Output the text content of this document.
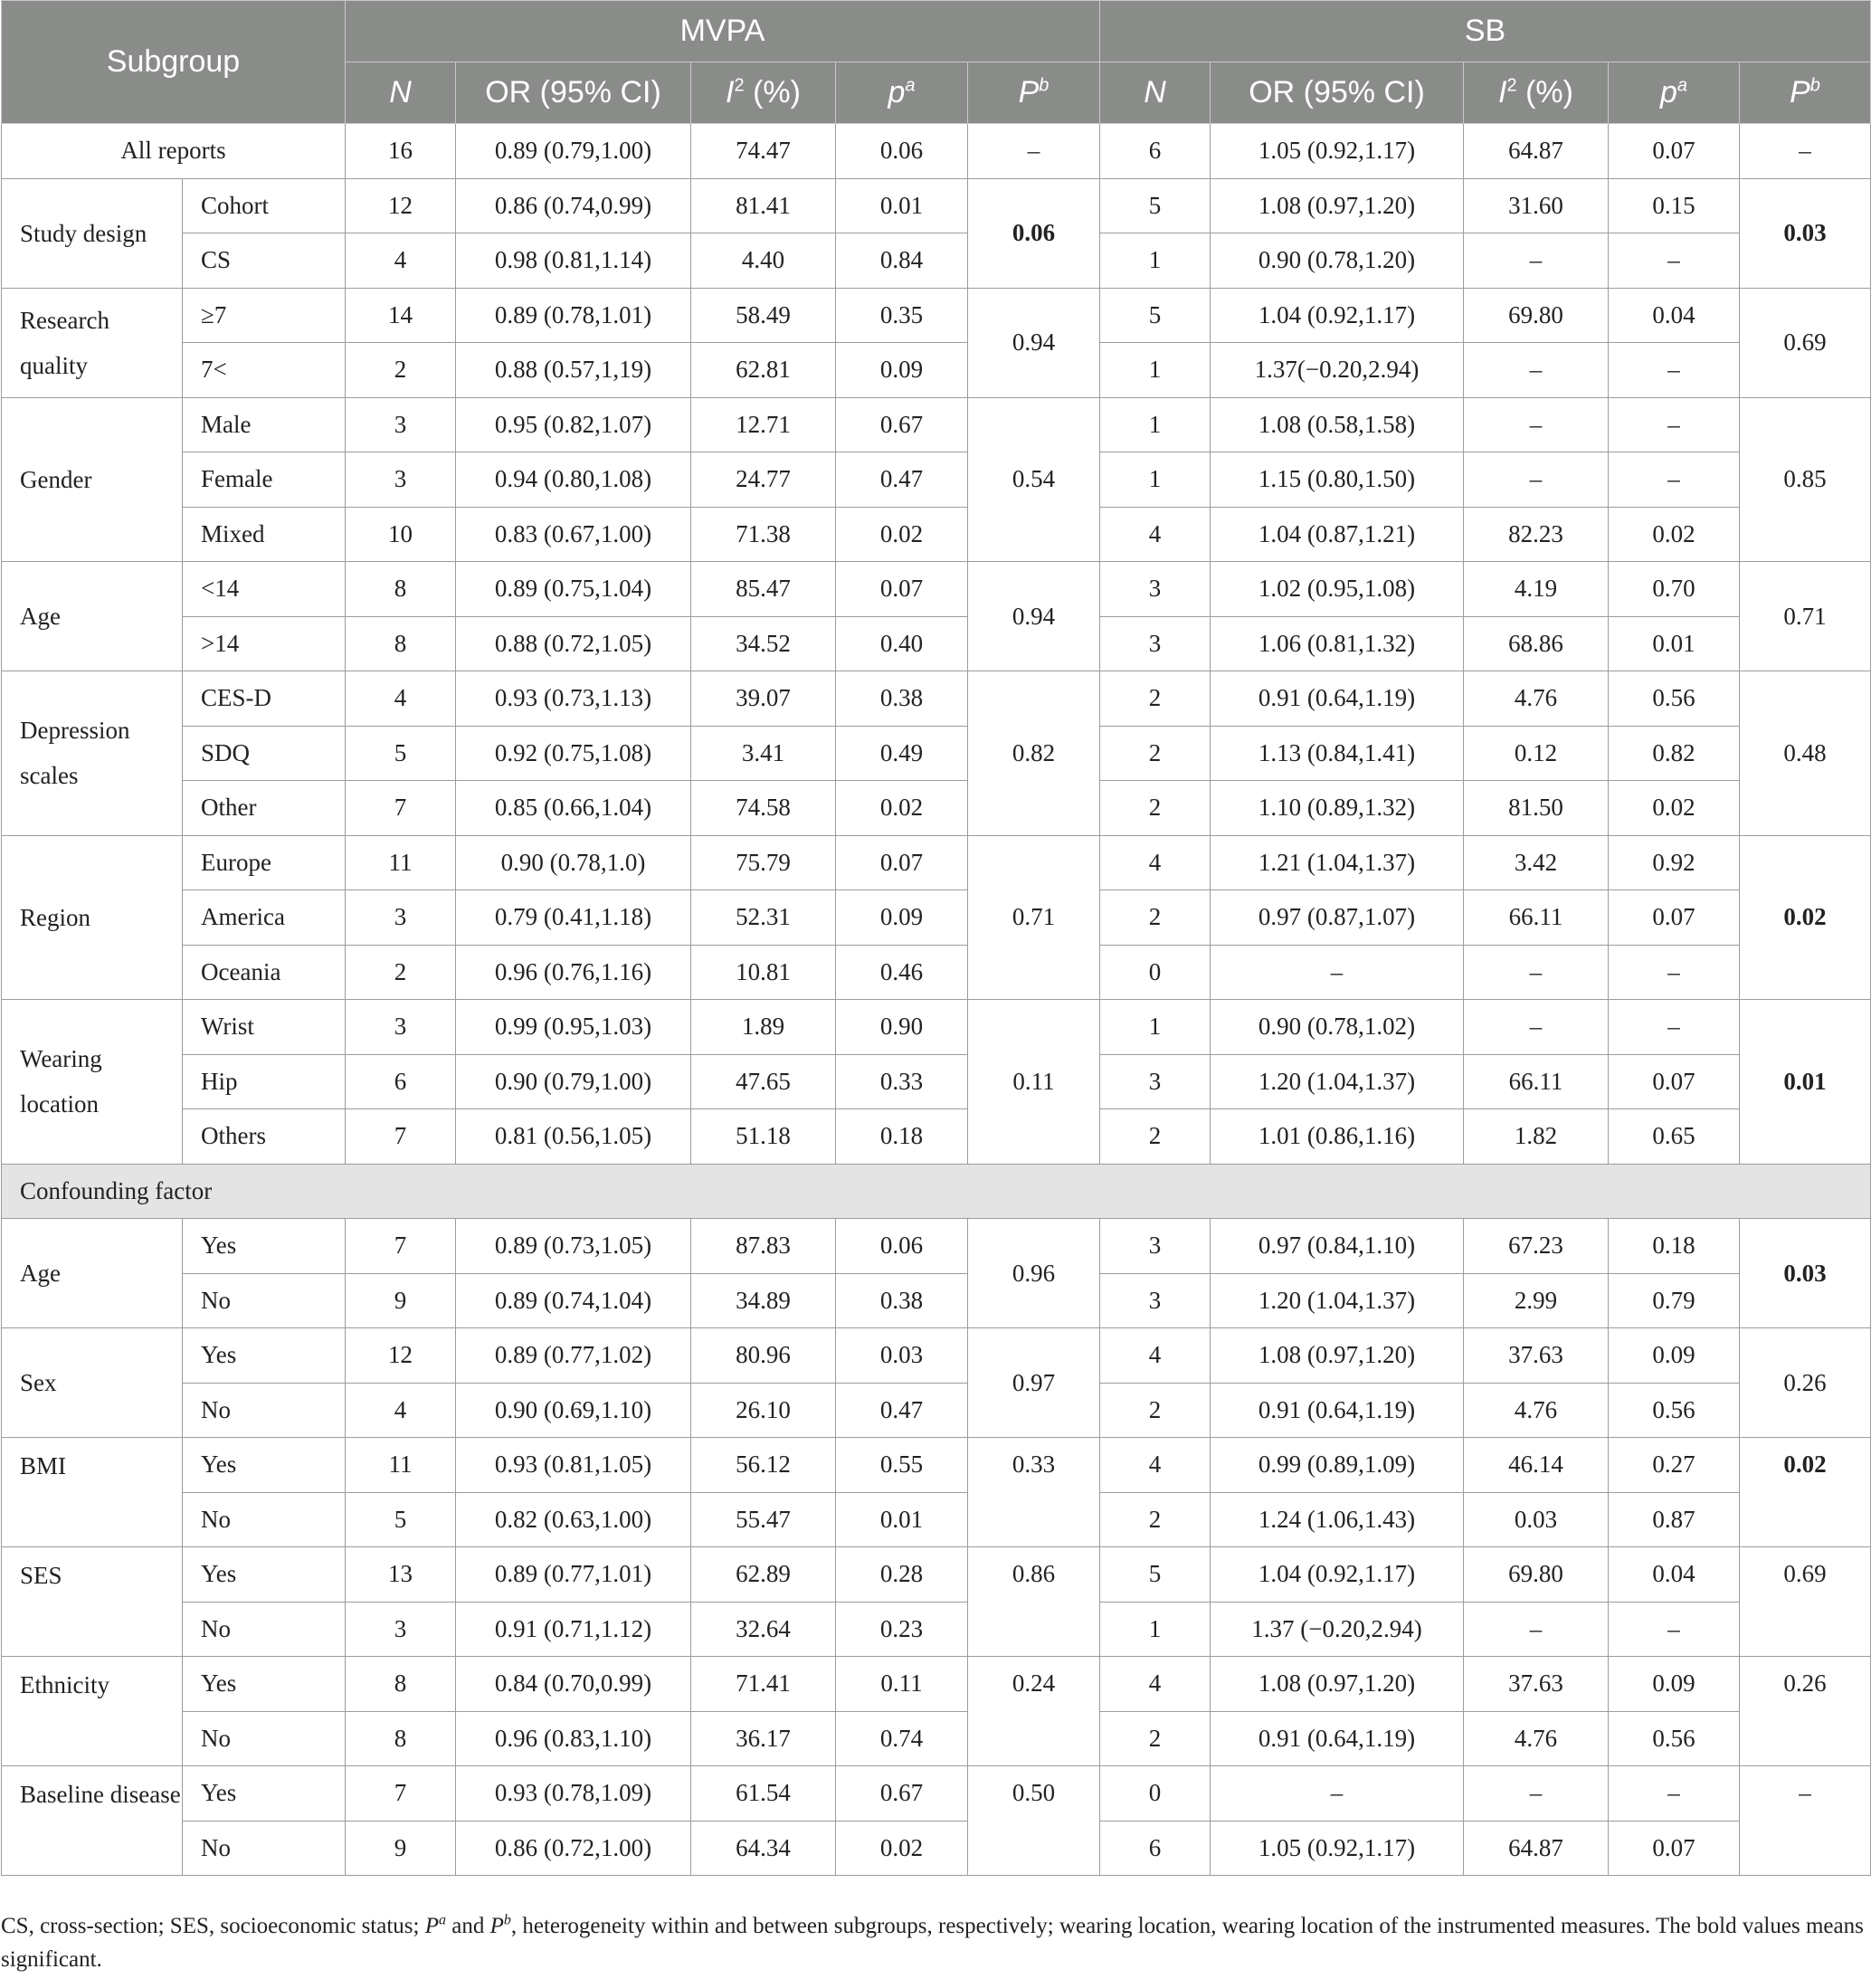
Subgroup		MVPA					SB				
		N	OR (95% CI)	$I^2$ (%)	$p^a$	$P^b$	N	OR (95% CI)	$I^2$ (%)	$p^a$	$P^b$
All reports		16	0.89 (0.79,1.00)	74.47	0.06	–	6	1.05 (0.92,1.17)	64.87	0.07	–
Study design	Cohort	12	0.86 (0.74,0.99)	81.41	0.01	0.06	5	1.08 (0.97,1.20)	31.60	0.15	0.03
	CS	4	0.98 (0.81,1.14)	4.40	0.84		1	0.90 (0.78,1.20)	–	–	
Research quality	≥7	14	0.89 (0.78,1.01)	58.49	0.35	0.94	5	1.04 (0.92,1.17)	69.80	0.04	0.69
	7<	2	0.88 (0.57,1,19)	62.81	0.09		1	1.37(−0.20,2.94)	–	–	
Gender	Male	3	0.95 (0.82,1.07)	12.71	0.67	0.54	1	1.08 (0.58,1.58)	–	–	0.85
	Female	3	0.94 (0.80,1.08)	24.77	0.47		1	1.15 (0.80,1.50)	–	–	
	Mixed	10	0.83 (0.67,1.00)	71.38	0.02		4	1.04 (0.87,1.21)	82.23	0.02	
Age	<14	8	0.89 (0.75,1.04)	85.47	0.07	0.94	3	1.02 (0.95,1.08)	4.19	0.70	0.71
	>14	8	0.88 (0.72,1.05)	34.52	0.40		3	1.06 (0.81,1.32)	68.86	0.01	
Depression scales	CES-D	4	0.93 (0.73,1.13)	39.07	0.38	0.82	2	0.91 (0.64,1.19)	4.76	0.56	0.48
	SDQ	5	0.92 (0.75,1.08)	3.41	0.49		2	1.13 (0.84,1.41)	0.12	0.82	
	Other	7	0.85 (0.66,1.04)	74.58	0.02		2	1.10 (0.89,1.32)	81.50	0.02	
Region	Europe	11	0.90 (0.78,1.0)	75.79	0.07	0.71	4	1.21 (1.04,1.37)	3.42	0.92	0.02
	America	3	0.79 (0.41,1.18)	52.31	0.09		2	0.97 (0.87,1.07)	66.11	0.07	
	Oceania	2	0.96 (0.76,1.16)	10.81	0.46		0	–	–	–	
Wearing location	Wrist	3	0.99 (0.95,1.03)	1.89	0.90	0.11	1	0.90 (0.78,1.02)	–	–	0.01
	Hip	6	0.90 (0.79,1.00)	47.65	0.33		3	1.20 (1.04,1.37)	66.11	0.07	
	Others	7	0.81 (0.56,1.05)	51.18	0.18		2	1.01 (0.86,1.16)	1.82	0.65	
Confounding factor											
Age	Yes	7	0.89 (0.73,1.05)	87.83	0.06	0.96	3	0.97 (0.84,1.10)	67.23	0.18	0.03
	No	9	0.89 (0.74,1.04)	34.89	0.38		3	1.20 (1.04,1.37)	2.99	0.79	
Sex	Yes	12	0.89 (0.77,1.02)	80.96	0.03	0.97	4	1.08 (0.97,1.20)	37.63	0.09	0.26
	No	4	0.90 (0.69,1.10)	26.10	0.47		2	0.91 (0.64,1.19)	4.76	0.56	
BMI	Yes	11	0.93 (0.81,1.05)	56.12	0.55	0.33	4	0.99 (0.89,1.09)	46.14	0.27	0.02
	No	5	0.82 (0.63,1.00)	55.47	0.01		2	1.24 (1.06,1.43)	0.03	0.87	
SES	Yes	13	0.89 (0.77,1.01)	62.89	0.28	0.86	5	1.04 (0.92,1.17)	69.80	0.04	0.69
	No	3	0.91 (0.71,1.12)	32.64	0.23		1	1.37 (−0.20,2.94)	–	–	
Ethnicity	Yes	8	0.84 (0.70,0.99)	71.41	0.11	0.24	4	1.08 (0.97,1.20)	37.63	0.09	0.26
	No	8	0.96 (0.83,1.10)	36.17	0.74		2	0.91 (0.64,1.19)	4.76	0.56	
Baseline disease	Yes	7	0.93 (0.78,1.09)	61.54	0.67	0.50	0	–	–	–	–
	No	9	0.86 (0.72,1.00)	64.34	0.02		6	1.05 (0.92,1.17)	64.87	0.07	
CS, cross-section; SES, socioeconomic status; $P^a$ and $P^b$, heterogeneity within and between subgroups, respectively; wearing location, wearing location of the instrumented measures. The bold values means significant.
